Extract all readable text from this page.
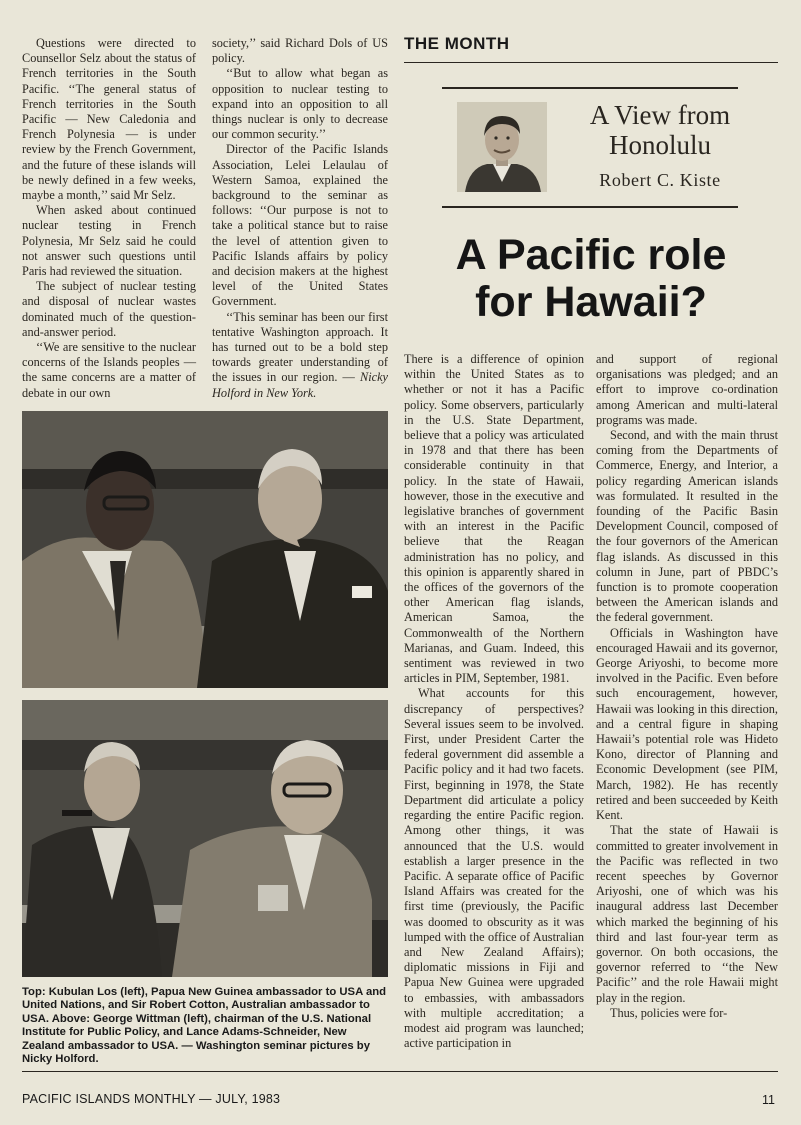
Questions were directed to Counsellor Selz about the status of French territories in the South Pacific. ‘‘The general status of French territories in the South Pacific — New Caledonia and French Polynesia — is under review by the French Government, and the future of these islands will be newly defined in a few weeks, maybe a month,’’ said Mr Selz.

When asked about continued nuclear testing in French Polynesia, Mr Selz said he could not answer such questions until Paris had reviewed the situation.

The subject of nuclear testing and disposal of nuclear wastes dominated much of the question-and-answer period.

‘‘We are sensitive to the nuclear concerns of the Islands peoples — the same concerns are a matter of debate in our own

society,’’ said Richard Dols of US policy.

‘‘But to allow what began as opposition to nuclear testing to expand into an opposition to all things nuclear is only to decrease our common security.’’

Director of the Pacific Islands Association, Lelei Lelaulau of Western Samoa, explained the background to the seminar as follows: ‘‘Our purpose is not to take a political stance but to raise the level of attention given to Pacific Islands affairs by policy and decision makers at the highest level of the United States Government.

‘‘This seminar has been our first tentative Washington approach. It has turned out to be a bold step towards greater understanding of the issues in our region. — Nicky Holford in New York.

THE MONTH
A View from
Honolulu
Robert C. Kiste
A Pacific role
for Hawaii?

There is a difference of opinion within the United States as to whether or not it has a Pacific policy. Some observers, particularly in the U.S. State Department, believe that a policy was articulated in 1978 and that there has been considerable continuity in that policy. In the state of Hawaii, however, those in the executive and legislative branches of government with an interest in the Pacific believe that the Reagan administration has no policy, and this opinion is apparently shared in the offices of the governors of the other American flag islands, American Samoa, the Commonwealth of the Northern Marianas, and Guam. Indeed, this sentiment was reviewed in two articles in PIM, September, 1981.

What accounts for this discrepancy of perspectives? Several issues seem to be involved. First, under President Carter the federal government did assemble a Pacific policy and it had two facets. First, beginning in 1978, the State Department did articulate a policy regarding the entire Pacific region. Among other things, it was announced that the U.S. would establish a larger presence in the Pacific. A separate office of Pacific Island Affairs was created for the first time (previously, the Pacific was doomed to obscurity as it was lumped with the office of Australian and New Zealand Affairs); diplomatic missions in Fiji and Papua New Guinea were upgraded to embassies, with ambassadors with multiple accreditation; a modest aid program was launched; active participation in

and support of regional organisations was pledged; and an effort to improve co-ordination among American and multi-lateral programs was made.

Second, and with the main thrust coming from the Departments of Commerce, Energy, and Interior, a policy regarding American islands was formulated. It resulted in the founding of the Pacific Basin Development Council, composed of the four governors of the American flag islands. As discussed in this column in June, part of PBDC’s function is to promote cooperation between the American islands and the federal government.

Officials in Washington have encouraged Hawaii and its governor, George Ariyoshi, to become more involved in the Pacific. Even before such encouragement, however, Hawaii was looking in this direction, and a central figure in shaping Hawaii’s potential role was Hideto Kono, director of Planning and Economic Development (see PIM, March, 1982). He has recently retired and been succeeded by Keith Kent.

That the state of Hawaii is committed to greater involvement in the Pacific was reflected in two recent speeches by Governor Ariyoshi, one of which was his inaugural address last December which marked the beginning of his third and last four-year term as governor. On both occasions, the governor referred to ‘‘the New Pacific’’ and the role Hawaii might play in the region.

Thus, policies were for-

Top: Kubulan Los (left), Papua New Guinea ambassador to USA and United Nations, and Sir Robert Cotton, Australian ambassador to USA. Above: George Wittman (left), chairman of the U.S. National Institute for Public Policy, and Lance Adams-Schneider, New Zealand ambassador to USA. — Washington seminar pictures by Nicky Holford.
PACIFIC ISLANDS MONTHLY — JULY, 1983	11
